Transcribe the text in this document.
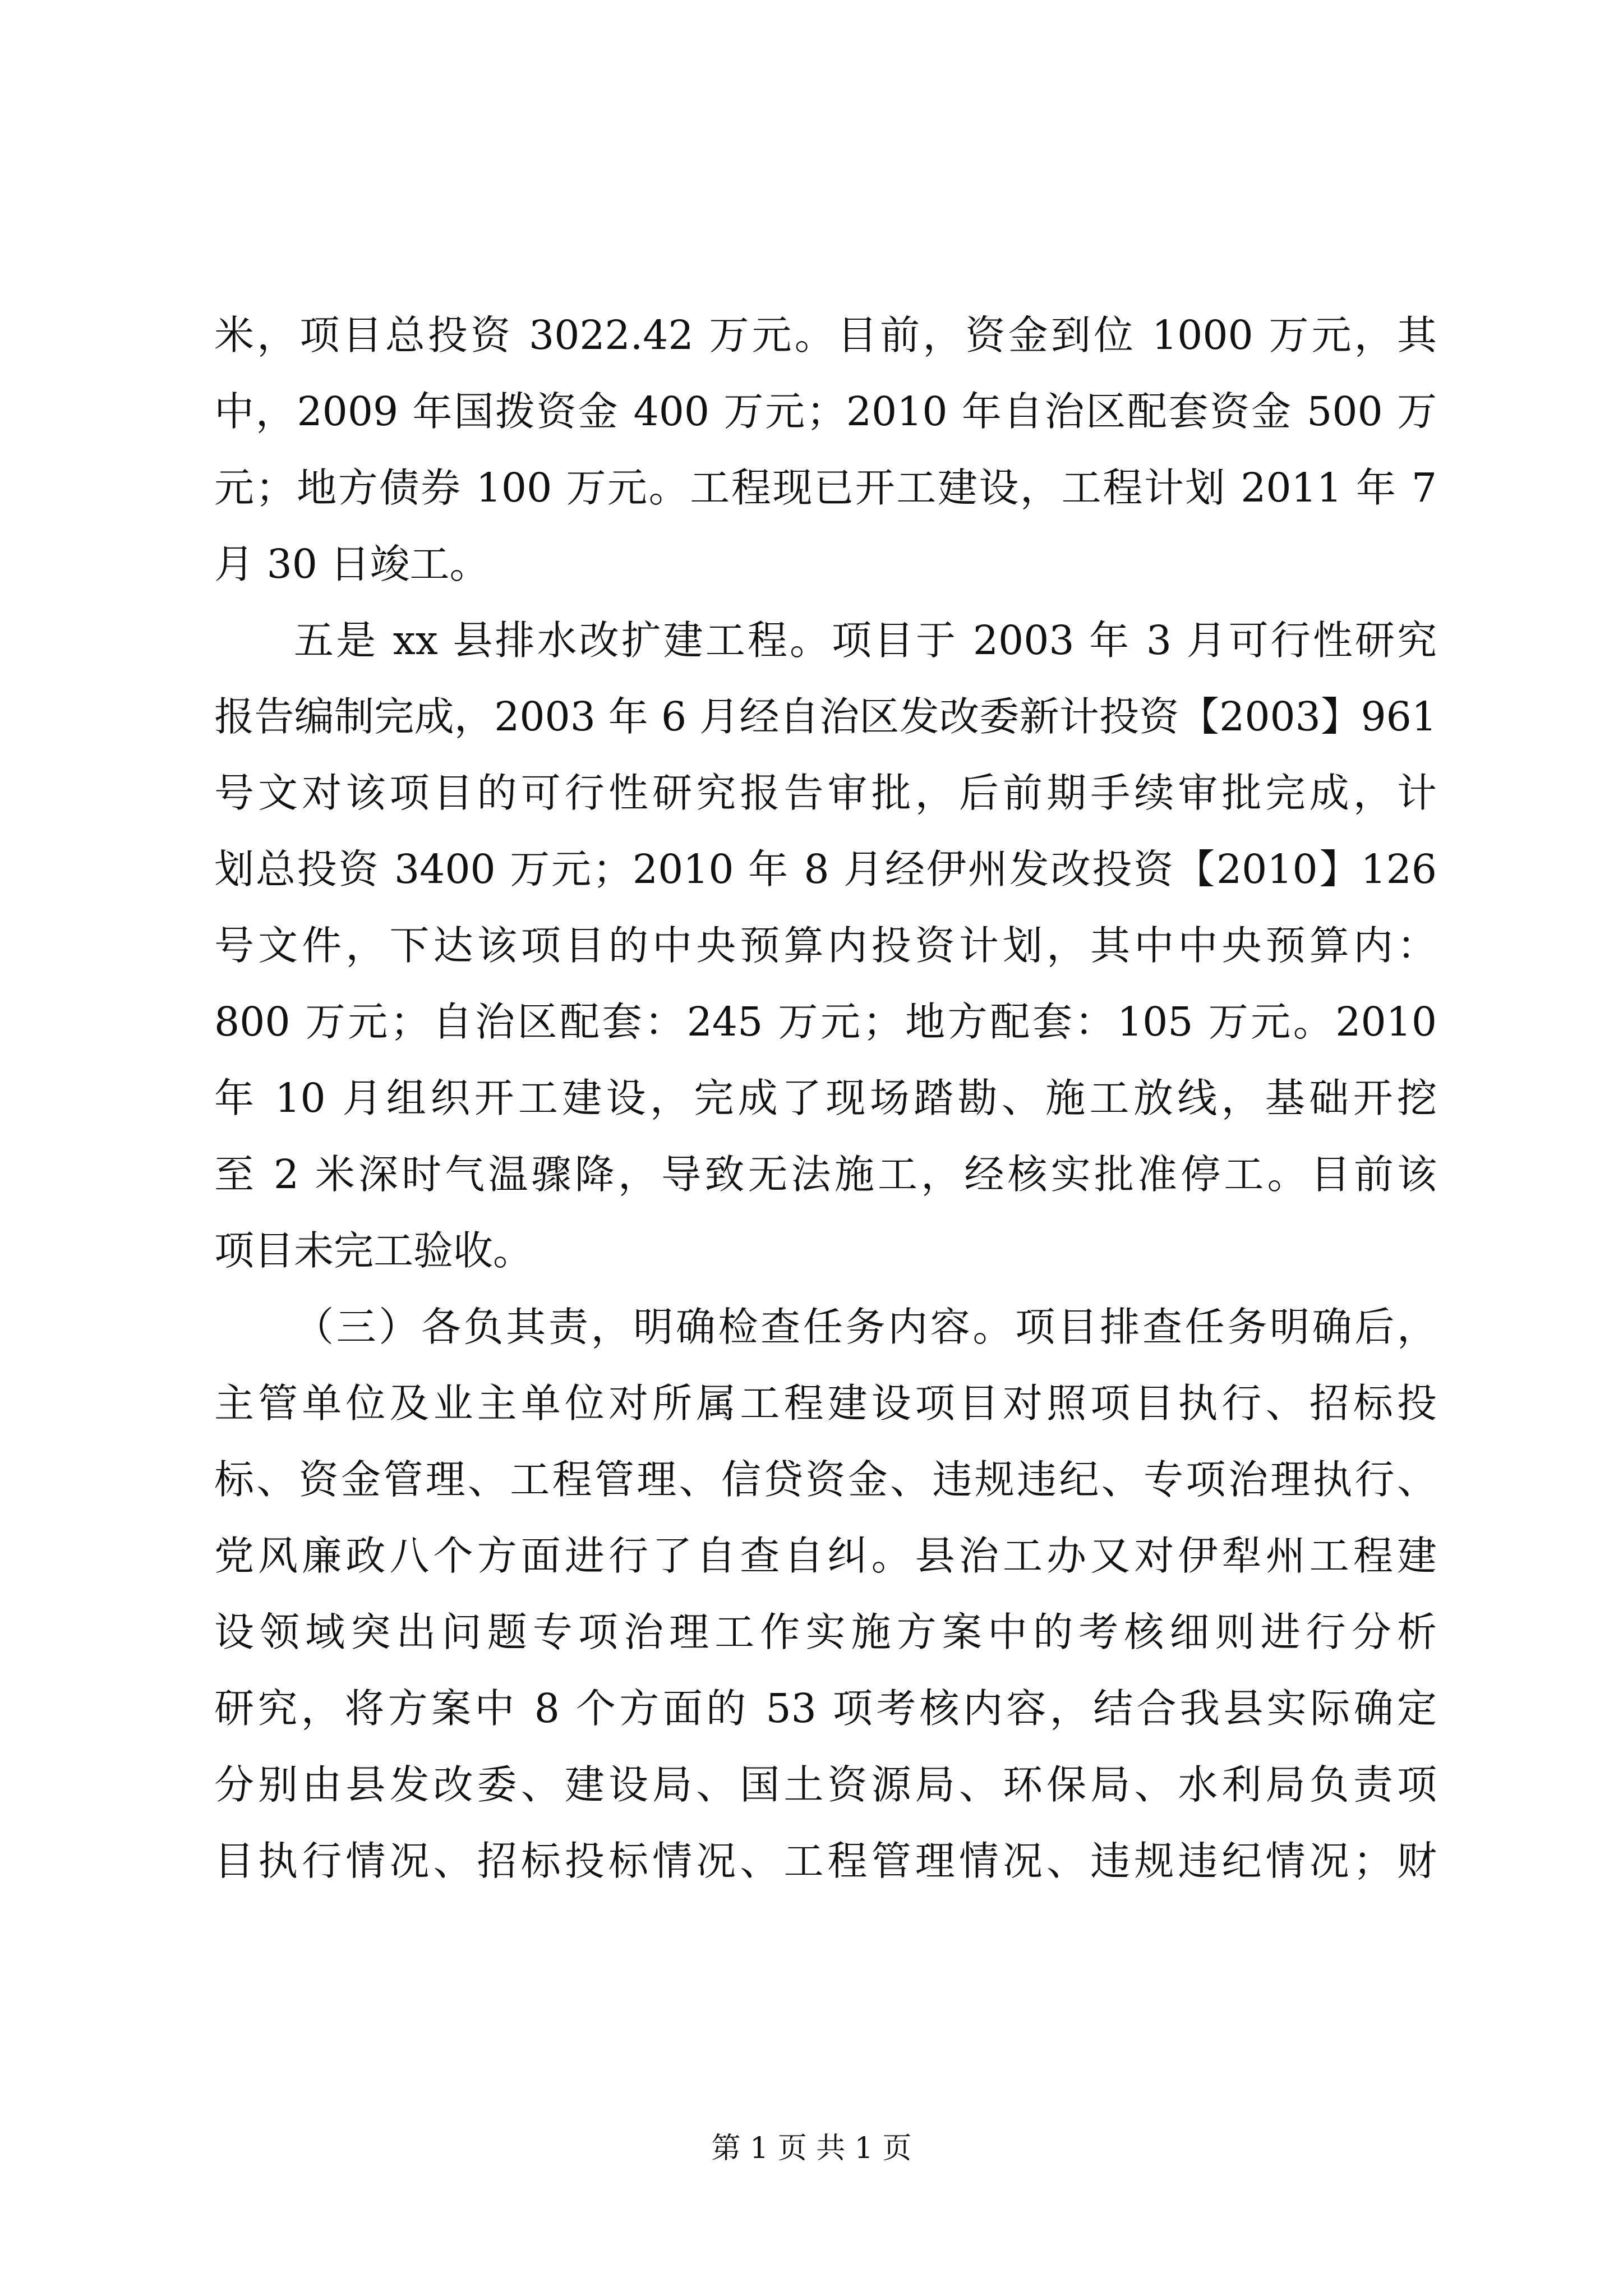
米，项目总投资 3022.42 万元。目前，资金到位 1000 万元，其
中，2009 年国拨资金 400 万元；2010 年自治区配套资金 500 万
元；地方债券 100 万元。工程现已开工建设，工程计划 2011 年 7
月 30 日竣工。
五是 xx 县排水改扩建工程。项目于 2003 年 3 月可行性研究
报告编制完成，2003 年 6 月经自治区发改委新计投资【2003】961
号文对该项目的可行性研究报告审批，后前期手续审批完成，计
划总投资 3400 万元；2010 年 8 月经伊州发改投资【2010】126
号文件，下达该项目的中央预算内投资计划，其中中央预算内：
800 万元；自治区配套：245 万元；地方配套：105 万元。2010
年 10 月组织开工建设，完成了现场踏勘、施工放线，基础开挖
至 2 米深时气温骤降，导致无法施工，经核实批准停工。目前该
项目未完工验收。
（三）各负其责，明确检查任务内容。项目排查任务明确后，
主管单位及业主单位对所属工程建设项目对照项目执行、招标投
标、资金管理、工程管理、信贷资金、违规违纪、专项治理执行、
党风廉政八个方面进行了自查自纠。县治工办又对伊犁州工程建
设领域突出问题专项治理工作实施方案中的考核细则进行分析
研究，将方案中 8 个方面的 53 项考核内容，结合我县实际确定
分别由县发改委、建设局、国土资源局、环保局、水利局负责项
目执行情况、招标投标情况、工程管理情况、违规违纪情况；财
第 1 页 共 1 页
